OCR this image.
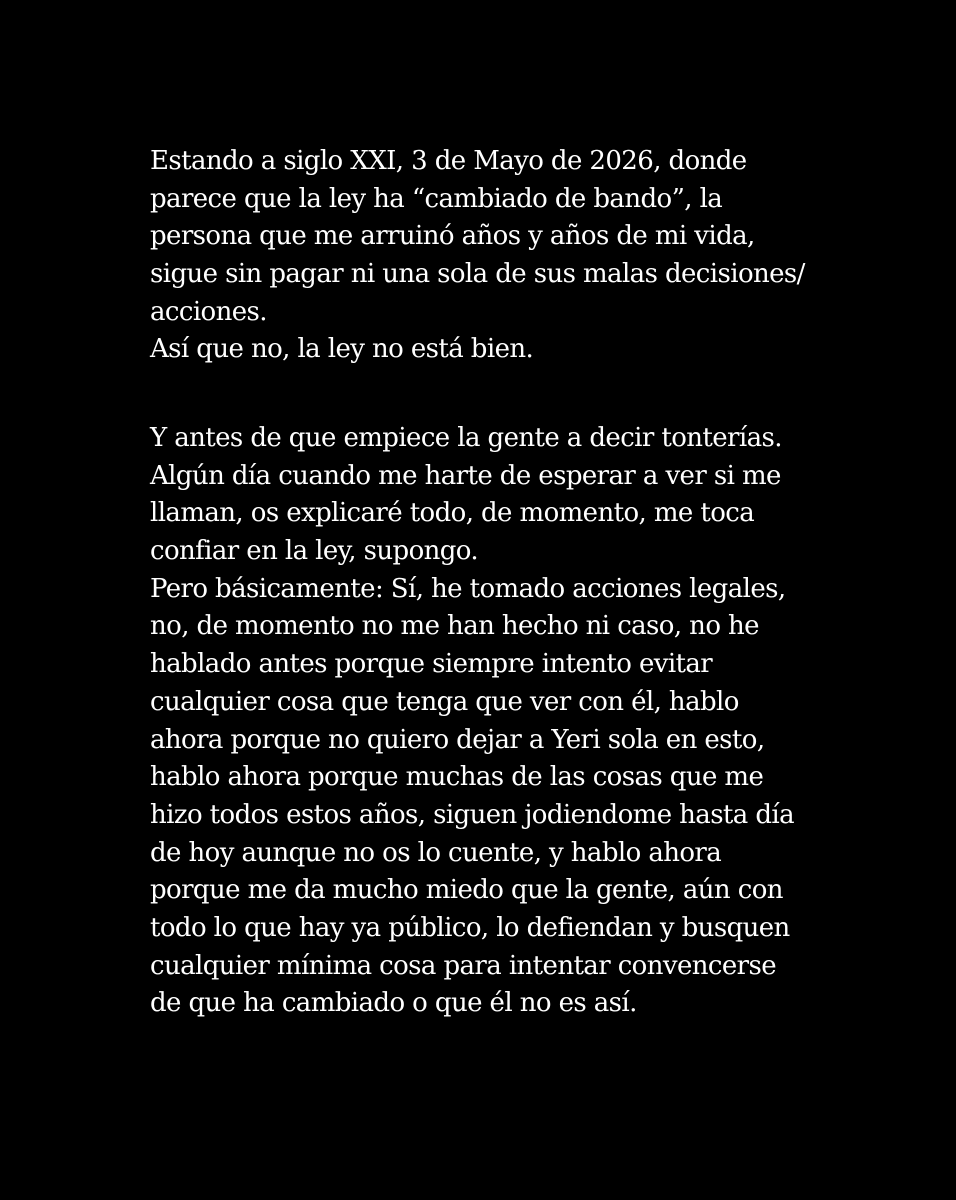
Estando a siglo XXI, 3 de Mayo de 2026, donde
parece que la ley ha “cambiado de bando”, la
persona que me arruinó años y años de mi vida,
sigue sin pagar ni una sola de sus malas decisiones/
acciones.
Así que no, la ley no está bien.
Y antes de que empiece la gente a decir tonterías.
Algún día cuando me harte de esperar a ver si me
llaman, os explicaré todo, de momento, me toca
confiar en la ley, supongo.
Pero básicamente: Sí, he tomado acciones legales,
no, de momento no me han hecho ni caso, no he
hablado antes porque siempre intento evitar
cualquier cosa que tenga que ver con él, hablo
ahora porque no quiero dejar a Yeri sola en esto,
hablo ahora porque muchas de las cosas que me
hizo todos estos años, siguen jodiendome hasta día
de hoy aunque no os lo cuente, y hablo ahora
porque me da mucho miedo que la gente, aún con
todo lo que hay ya público, lo defiendan y busquen
cualquier mínima cosa para intentar convencerse
de que ha cambiado o que él no es así.
